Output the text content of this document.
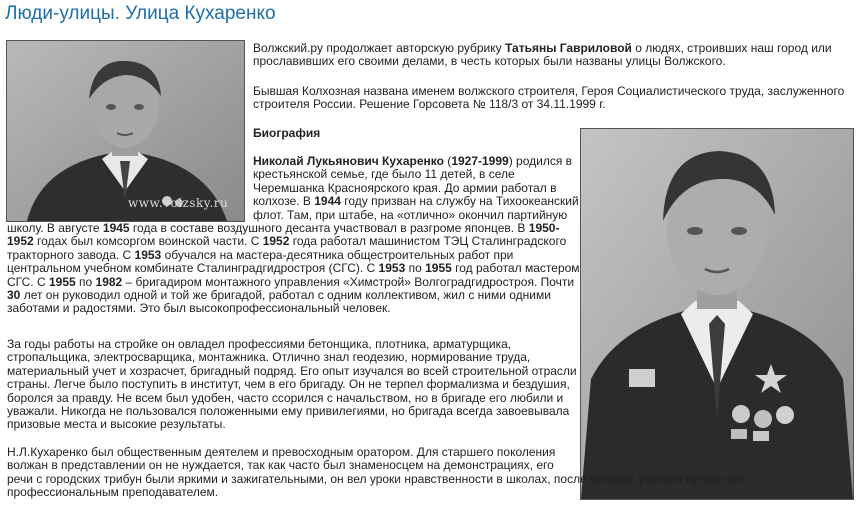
Люди-улицы. Улица Кухаренко
www.volzsky.ru

Волжский.ру продолжает авторскую рубрику Татьяны Гавриловой о людях, строивших наш город или прославивших его своими делами, в честь которых были названы улицы Волжского.

Бывшая Колхозная названа именем волжского строителя, Героя Социалистического труда, заслуженного строителя России. Решение Горсовета № 118/3 от 34.11.1999 г.

Биография
Николай Лукьянович Кухаренко (1927-1999) родился в
крестьянской семье, где было 11 детей, в селе
Черемшанка Красноярского края. До армии работал в
колхозе. В 1944 году призван на службу на Тихоокеанский
флот. Там, при штабе, на «отлично» окончил партийную
школу. В августе 1945 года в составе воздушного десанта участвовал в разгроме японцев. В 1950-
1952 годах был комсоргом воинской части. С 1952 года работал машинистом ТЭЦ Сталинградского
тракторного завода. С 1953 обучался на мастера-десятника общестроительных работ при
центральном учебном комбинате Сталинградгидростроя (СГС). С 1953 по 1955 год работал мастером
СГС. С 1955 по 1982 – бригадиром монтажного управления «Химстрой» Волгоградгидростроя. Почти
30 лет он руководил одной и той же бригадой, работал с одним коллективом, жил с ними одними
заботами и радостями. Это был высокопрофессиональный человек.
За годы работы на стройке он овладел профессиями бетонщика, плотника, арматурщика,
стропальщика, электросварщика, монтажника. Отлично знал геодезию, нормирование труда,
материальный учет и хозрасчет, бригадный подряд. Его опыт изучался во всей строительной отрасли
страны. Легче было поступить в институт, чем в его бригаду. Он не терпел формализма и бездушия,
боролся за правду. Не всем был удобен, часто ссорился с начальством, но в бригаде его любили и
уважали. Никогда не пользовался положенными ему привилегиями, но бригада всегда завоевывала
призовые места и высокие результаты.
Н.Л.Кухаренко был общественным деятелем и превосходным оратором. Для старшего поколения
волжан в представлении он не нуждается, так как часто был знаменосцем на демонстрациях, его
речи с городских трибун были яркими и зажигательными, он вел уроки нравственности в школах, после которых учителя путали его с
профессиональным преподавателем.
